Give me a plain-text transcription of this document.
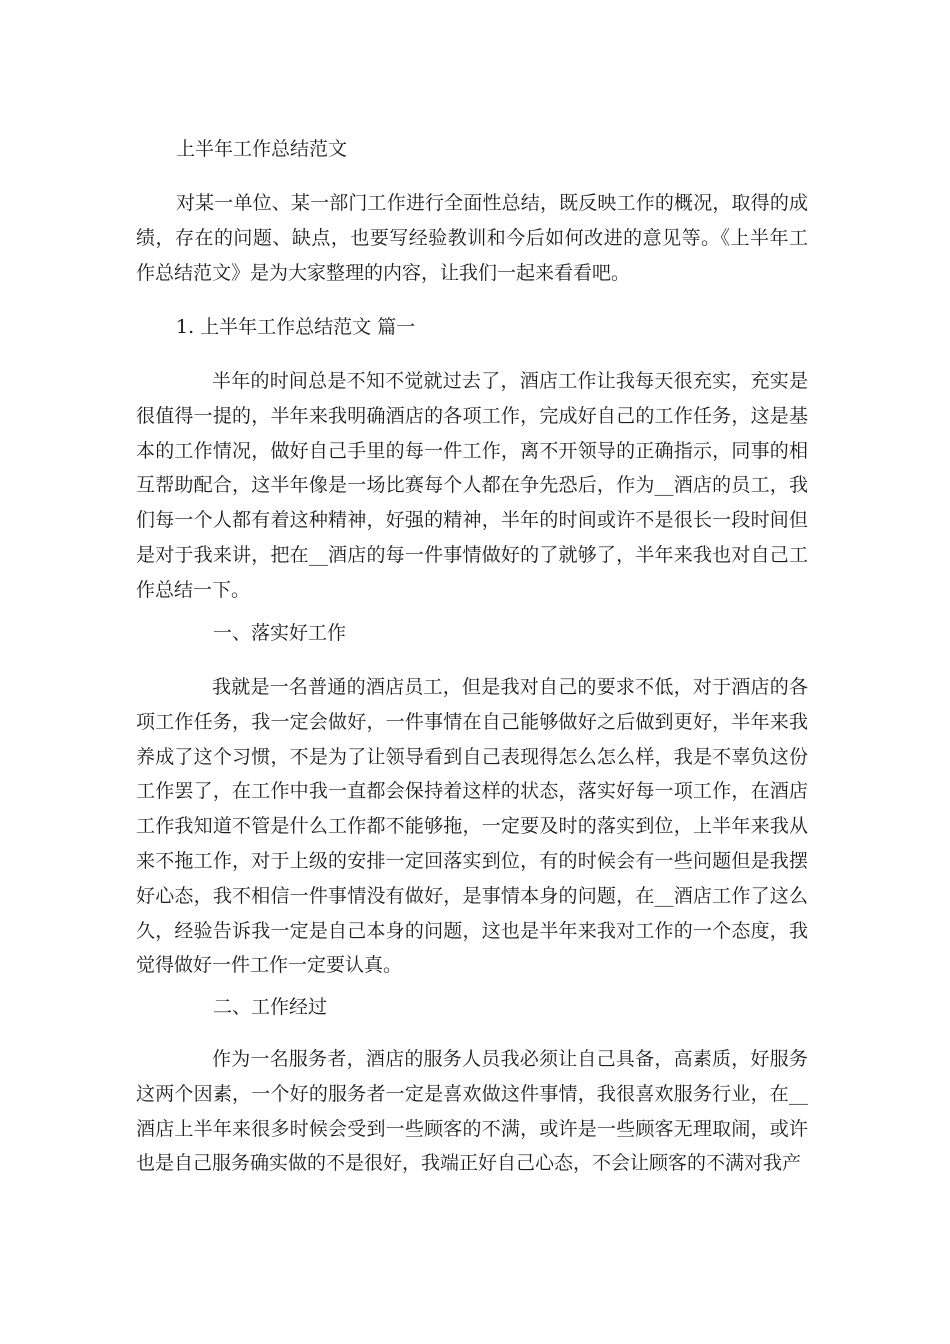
上半年工作总结范文

对某一单位、某一部门工作进行全面性总结，既反映工作的概况，取得的成绩，存在的问题、缺点，也要写经验教训和今后如何改进的意见等。《上半年工作总结范文》是为大家整理的内容，让我们一起来看看吧。

1. 上半年工作总结范文 篇一

半年的时间总是不知不觉就过去了，酒店工作让我每天很充实，充实是很值得一提的，半年来我明确酒店的各项工作，完成好自己的工作任务，这是基本的工作情况，做好自己手里的每一件工作，离不开领导的正确指示，同事的相互帮助配合，这半年像是一场比赛每个人都在争先恐后，作为__酒店的员工，我们每一个人都有着这种精神，好强的精神，半年的时间或许不是很长一段时间但是对于我来讲，把在__酒店的每一件事情做好的了就够了，半年来我也对自己工作总结一下。

一、落实好工作

我就是一名普通的酒店员工，但是我对自己的要求不低，对于酒店的各项工作任务，我一定会做好，一件事情在自己能够做好之后做到更好，半年来我养成了这个习惯，不是为了让领导看到自己表现得怎么怎么样，我是不辜负这份工作罢了，在工作中我一直都会保持着这样的状态，落实好每一项工作，在酒店工作我知道不管是什么工作都不能够拖，一定要及时的落实到位，上半年来我从来不拖工作，对于上级的安排一定回落实到位，有的时候会有一些问题但是我摆好心态，我不相信一件事情没有做好，是事情本身的问题，在__酒店工作了这么久，经验告诉我一定是自己本身的问题，这也是半年来我对工作的一个态度，我觉得做好一件工作一定要认真。

二、工作经过

作为一名服务者，酒店的服务人员我必须让自己具备，高素质，好服务这两个因素，一个好的服务者一定是喜欢做这件事情，我很喜欢服务行业，在__酒店上半年来很多时候会受到一些顾客的不满，或许是一些顾客无理取闹，或许也是自己服务确实做的不是很好，我端正好自己心态，不会让顾客的不满对我产
